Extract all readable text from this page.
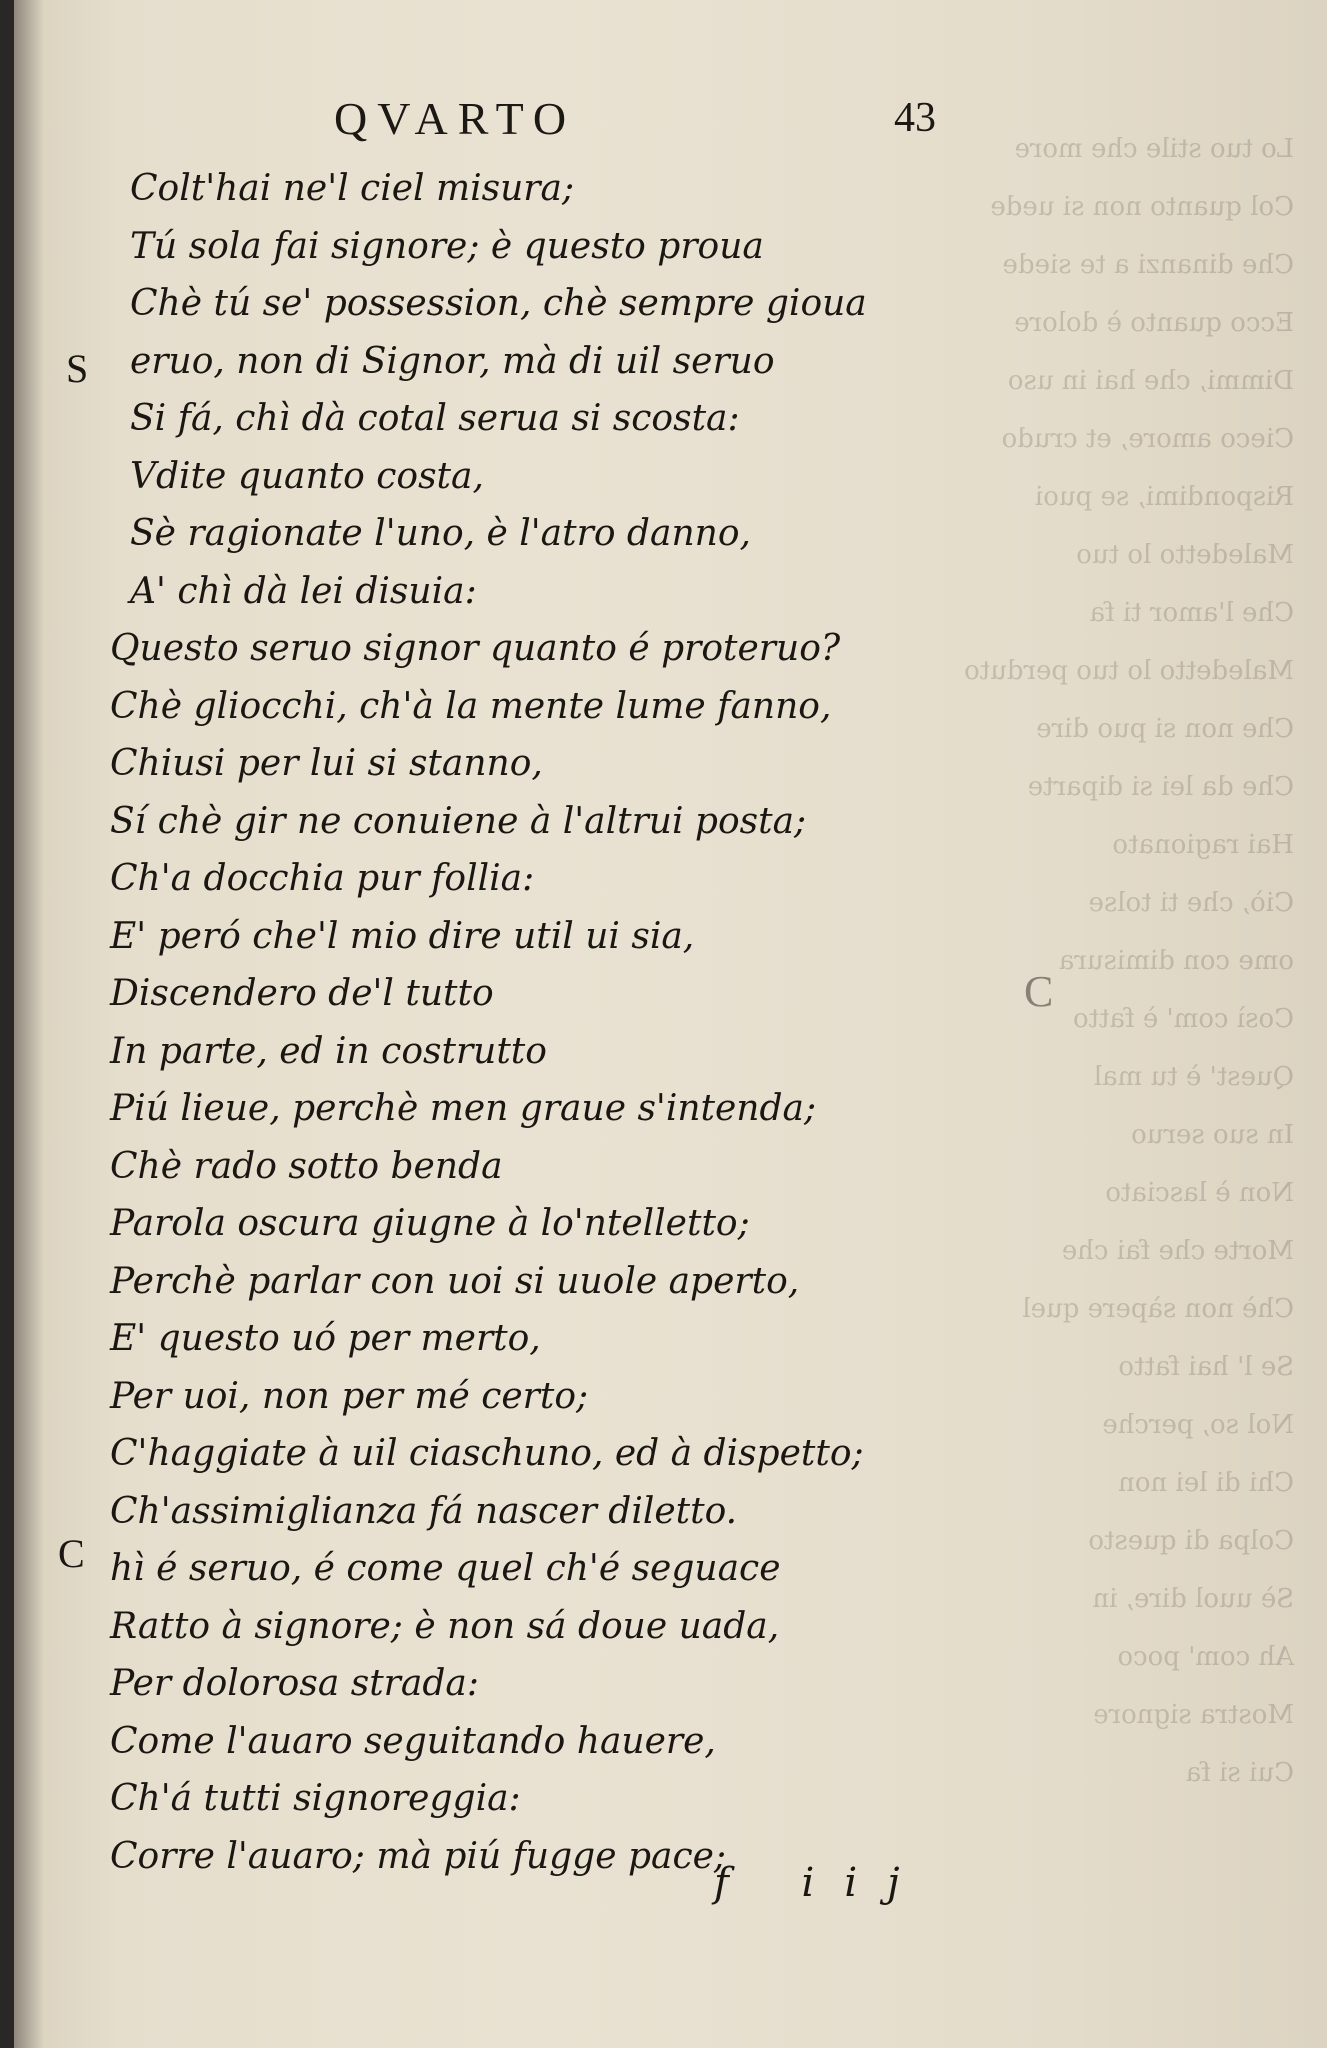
Lo tuo stile che more
Col quanto non si uede
Che dinanzi a te siede
Ecco quanto è dolore
Dimmi, che hai in uso
Cieco amore, et crudo
Rispondimi, se puoi
Maledetto lo tuo
Che l'amor ti fa
Maledetto lo tuo perduto
Che non si puo dire
Che da lei si diparte
Hai ragionato
Ciò, che ti tolse
ome con dimisura
Così com' è fatto
Quest' è tu mal
In suo seruo
Non è lasciato
Morte che fai che
Chè non sàpere quel
Se l' hai fatto
Nol so, perche
Chi di lei non
Colpa di questo
Sè uuol dire, in
Ah com' poco
Mostra signore
Cui si fa
QVARTO	43
S
C
C
Colt'hai ne'l ciel misura;
Tú sola fai signore; è questo proua
Chè tú se' possession, chè sempre gioua
eruo, non di Signor, mà di uil seruo
Si fá, chì dà cotal serua si scosta:
Vdite quanto costa,
Sè ragionate l'uno, è l'atro danno,
A' chì dà lei disuia:
Questo seruo signor quanto é proteruo?
Chè gliocchi, ch'à la mente lume fanno,
Chiusi per lui si stanno,
Sí chè gir ne conuiene à l'altrui posta;
Ch'a docchia pur follia:
E' peró che'l mio dire util ui sia,
Discendero de'l tutto
In parte, ed in costrutto
Piú lieue, perchè men graue s'intenda;
Chè rado sotto benda
Parola oscura giugne à lo'ntelletto;
Perchè parlar con uoi si uuole aperto,
E' questo uó per merto,
Per uoi, non per mé certo;
C'haggiate à uil ciaschuno, ed à dispetto;
Ch'assimiglianza fá nascer diletto.
hì é seruo, é come quel ch'é seguace
Ratto à signore; è non sá doue uada,
Per dolorosa strada:
Come l'auaro seguitando hauere,
Ch'á tutti signoreggia:
Corre l'auaro; mà piú fugge pace;
f iij
